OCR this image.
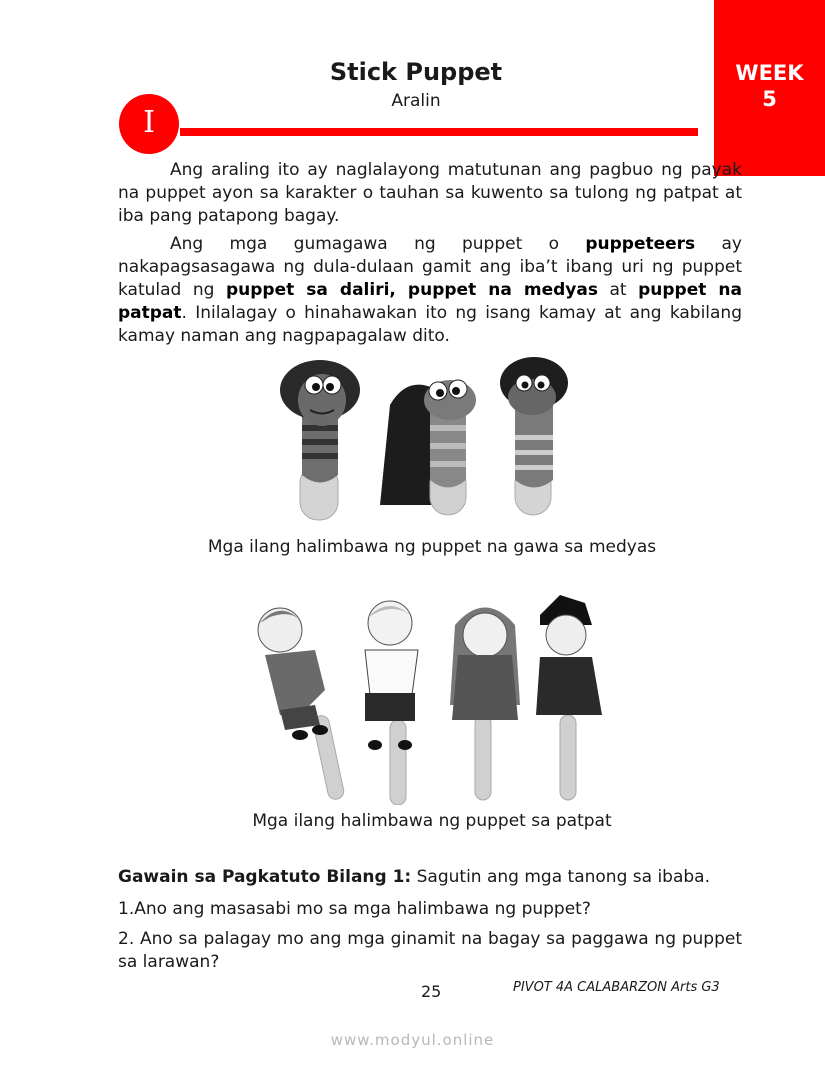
WEEK
5
Stick Puppet
Aralin
I

Ang araling ito ay naglalayong matutunan ang pagbuo ng payak na puppet ayon sa karakter o tauhan sa kuwento sa tulong ng patpat at iba pang patapong bagay.

Ang mga gumagawa ng puppet o puppeteers ay nakapagsasagawa ng dula-dulaan gamit ang iba’t ibang uri ng puppet katulad ng puppet sa daliri, puppet na medyas at puppet na patpat. Inilalagay o hinahawakan ito ng isang kamay at ang kabilang kamay naman ang nagpapagalaw dito.

Mga ilang halimbawa ng puppet na gawa sa medyas
Mga ilang halimbawa ng puppet sa patpat

Gawain sa Pagkatuto Bilang 1: Sagutin ang mga tanong sa ibaba.

1.Ano ang masasabi mo sa mga halimbawa ng puppet?

2. Ano sa palagay mo ang mga ginamit na bagay sa paggawa ng puppet sa larawan?

25	PIVOT 4A CALABARZON Arts G3
www.modyul.online
